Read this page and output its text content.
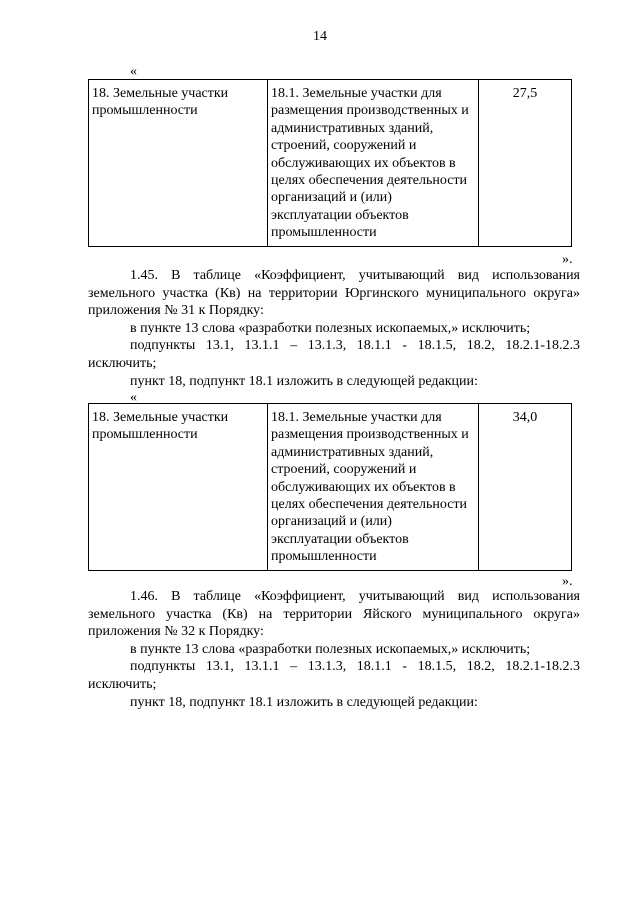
14
«
18. Земельные участки промышленности	18.1. Земельные участки для размещения производственных и административных зданий, строений, сооружений и обслуживающих их объектов в целях обеспечения деятельности организаций и (или) эксплуатации объектов промышленности	27,5
».
1.45. В таблице «Коэффициент, учитывающий вид использования земельного участка (Кв) на территории Юргинского муниципального округа» приложения № 31 к Порядку:
в пункте 13 слова «разработки полезных ископаемых,» исключить;
подпункты 13.1, 13.1.1 – 13.1.3, 18.1.1 - 18.1.5, 18.2, 18.2.1-18.2.3 исключить;
пункт 18, подпункт 18.1 изложить в следующей редакции:
«
18. Земельные участки промышленности	18.1. Земельные участки для размещения производственных и административных зданий, строений, сооружений и обслуживающих их объектов в целях обеспечения деятельности организаций и (или) эксплуатации объектов промышленности	34,0
».
1.46. В таблице «Коэффициент, учитывающий вид использования земельного участка (Кв) на территории Яйского муниципального округа» приложения № 32 к Порядку:
в пункте 13 слова «разработки полезных ископаемых,» исключить;
подпункты 13.1, 13.1.1 – 13.1.3, 18.1.1 - 18.1.5, 18.2, 18.2.1-18.2.3 исключить;
пункт 18, подпункт 18.1 изложить в следующей редакции:
